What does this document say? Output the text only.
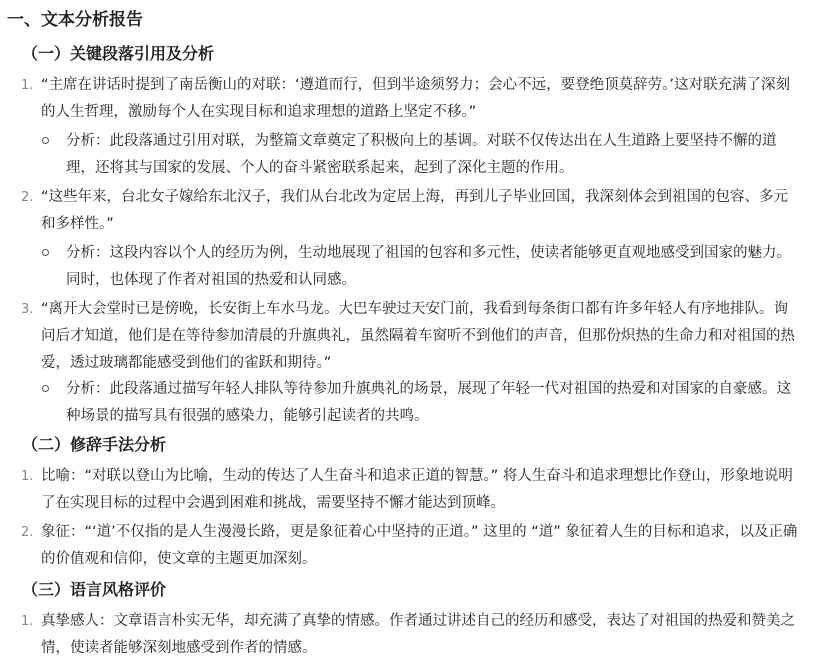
一、文本分析报告
（一）关键段落引用及分析
1. “主席在讲话时提到了南岳衡山的对联：‘遵道而行，但到半途须努力；会心不远，要登绝顶莫辞劳。’这对联充满了深刻的人生哲理，激励每个人在实现目标和追求理想的道路上坚定不移。”
分析：此段落通过引用对联，为整篇文章奠定了积极向上的基调。对联不仅传达出在人生道路上要坚持不懈的道理，还将其与国家的发展、个人的奋斗紧密联系起来，起到了深化主题的作用。
2. “这些年来，台北女子嫁给东北汉子，我们从台北改为定居上海，再到儿子毕业回国，我深刻体会到祖国的包容、多元和多样性。”
分析：这段内容以个人的经历为例，生动地展现了祖国的包容和多元性，使读者能够更直观地感受到国家的魅力。同时，也体现了作者对祖国的热爱和认同感。
3. “离开大会堂时已是傍晚，长安街上车水马龙。大巴车驶过天安门前，我看到每条街口都有许多年轻人有序地排队。询问后才知道，他们是在等待参加清晨的升旗典礼，虽然隔着车窗听不到他们的声音，但那份炽热的生命力和对祖国的热爱，透过玻璃都能感受到他们的雀跃和期待。”
分析：此段落通过描写年轻人排队等待参加升旗典礼的场景，展现了年轻一代对祖国的热爱和对国家的自豪感。这种场景的描写具有很强的感染力，能够引起读者的共鸣。
（二）修辞手法分析
1. 比喻：“对联以登山为比喻，生动的传达了人生奋斗和追求正道的智慧。” 将人生奋斗和追求理想比作登山，形象地说明了在实现目标的过程中会遇到困难和挑战，需要坚持不懈才能达到顶峰。
2. 象征：“‘道’不仅指的是人生漫漫长路，更是象征着心中坚持的正道。” 这里的 “道” 象征着人生的目标和追求，以及正确的价值观和信仰，使文章的主题更加深刻。
（三）语言风格评价
1. 真挚感人：文章语言朴实无华，却充满了真挚的情感。作者通过讲述自己的经历和感受，表达了对祖国的热爱和赞美之情，使读者能够深刻地感受到作者的情感。
